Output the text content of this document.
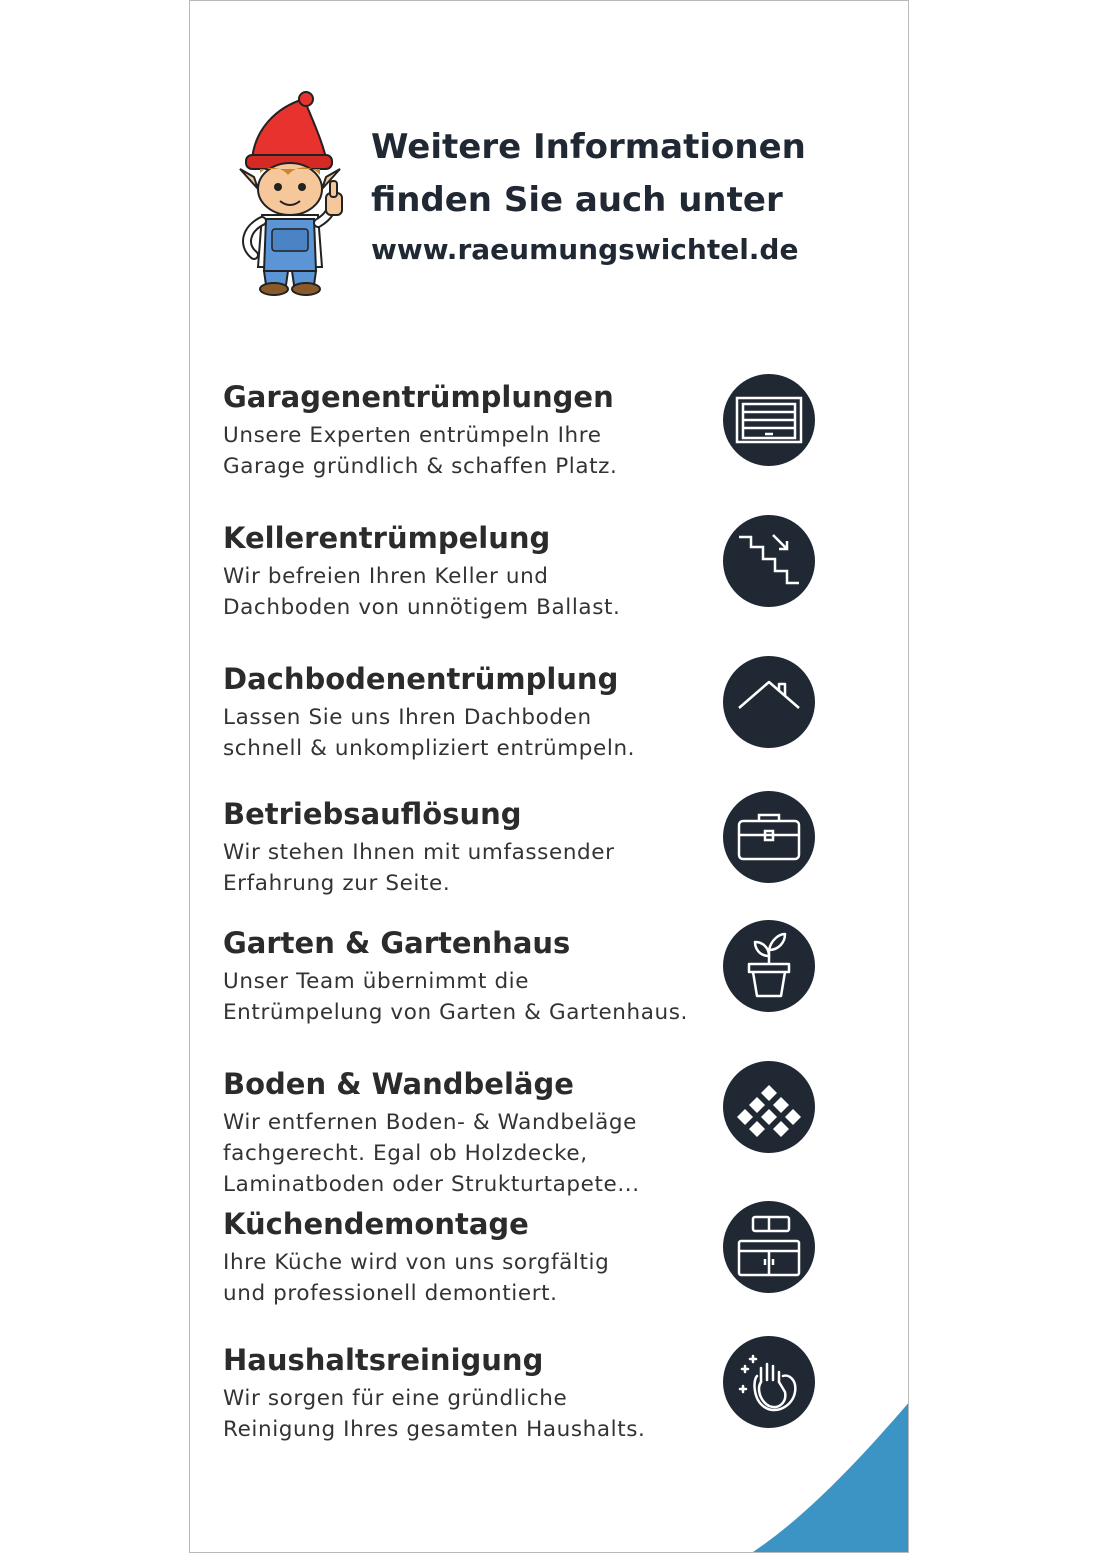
Weitere Informationen
finden Sie auch unter
www.raeumungswichtel.de
Garagenentrümplungen
Unsere Experten entrümpeln Ihre
Garage gründlich & schaffen Platz.
Kellerentrümpelung
Wir befreien Ihren Keller und
Dachboden von unnötigem Ballast.
Dachbodenentrümplung
Lassen Sie uns Ihren Dachboden
schnell & unkompliziert entrümpeln.
Betriebsauflösung
Wir stehen Ihnen mit umfassender
Erfahrung zur Seite.
Garten & Gartenhaus
Unser Team übernimmt die
Entrümpelung von Garten & Gartenhaus.
Boden & Wandbeläge
Wir entfernen Boden- & Wandbeläge
fachgerecht. Egal ob Holzdecke,
Laminatboden oder Strukturtapete...
Küchendemontage
Ihre Küche wird von uns sorgfältig
und professionell demontiert.
Haushaltsreinigung
Wir sorgen für eine gründliche
Reinigung Ihres gesamten Haushalts.
